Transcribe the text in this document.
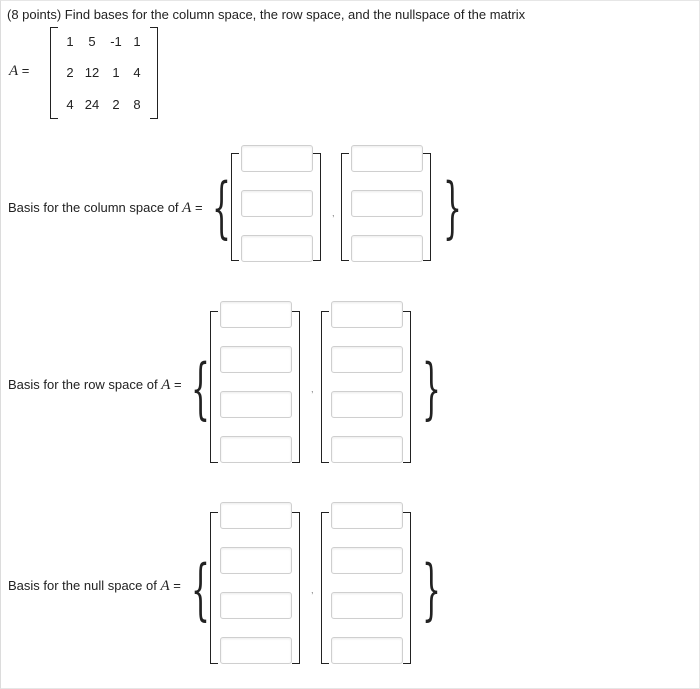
(8 points) Find bases for the column space, the row space, and the nullspace of the matrix
A =
1	5	-1 1
2 12	1	4
4 24	2	8
Basis for the column space of A = {	, }
Basis for the row space of A = {	, }
Basis for the null space of A = {	, }
